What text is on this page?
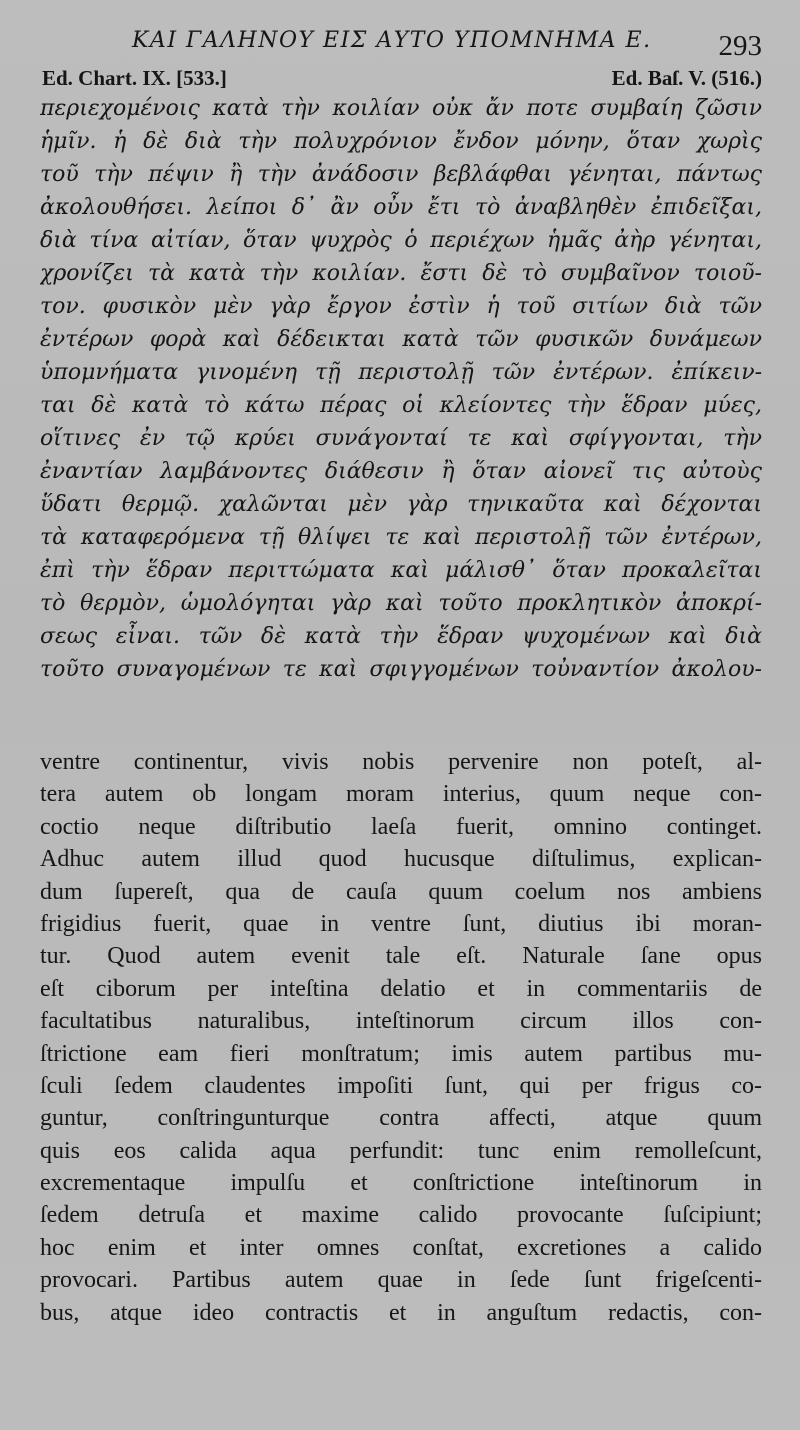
ΚΑΙ ΓΑΛΗΝΟΥ ΕΙΣ ΑΥΤΟ ΥΠΟΜΝΗΜΑ Ε. 293
Ed. Chart. IX. [533.]	Ed. Baſ. V. (516.)
περιεχομένοις κατὰ τὴν κοιλίαν οὐκ ἄν ποτε συμβαίη ζῶσιν
ἡμῖν. ἡ δὲ διὰ τὴν πολυχρόνιον ἔνδον μόνην, ὅταν χωρὶς
τοῦ τὴν πέψιν ἢ τὴν ἀνάδοσιν βεβλάφθαι γένηται, πάντως
ἀκολουθήσει. λείποι δ᾽ ἂν οὖν ἔτι τὸ ἀναβληθὲν ἐπιδεῖξαι,
διὰ τίνα αἰτίαν, ὅταν ψυχρὸς ὁ περιέχων ἡμᾶς ἀὴρ γένηται,
χρονίζει τὰ κατὰ τὴν κοιλίαν. ἔστι δὲ τὸ συμβαῖνον τοιοῦ-
τον. φυσικὸν μὲν γὰρ ἔργον ἐστὶν ἡ τοῦ σιτίων διὰ τῶν
ἐντέρων φορὰ καὶ δέδεικται κατὰ τῶν φυσικῶν δυνάμεων
ὑπομνήματα γινομένη τῇ περιστολῇ τῶν ἐντέρων. ἐπίκειν-
ται δὲ κατὰ τὸ κάτω πέρας οἱ κλείοντες τὴν ἕδραν μύες,
οἵτινες ἐν τῷ κρύει συνάγονταί τε καὶ σφίγγονται, τὴν
ἐναντίαν λαμβάνοντες διάθεσιν ἢ ὅταν αἰονεῖ τις αὐτοὺς
ὕδατι θερμῷ. χαλῶνται μὲν γὰρ τηνικαῦτα καὶ δέχονται
τὰ καταφερόμενα τῇ θλίψει τε καὶ περιστολῇ τῶν ἐντέρων,
ἐπὶ τὴν ἕδραν περιττώματα καὶ μάλισθ᾽ ὅταν προκαλεῖται
τὸ θερμὸν, ὡμολόγηται γὰρ καὶ τοῦτο προκλητικὸν ἀποκρί-
σεως εἶναι. τῶν δὲ κατὰ τὴν ἕδραν ψυχομένων καὶ διὰ
τοῦτο συναγομένων τε καὶ σφιγγομένων τοὐναντίον ἀκολου-
ventre continentur, vivis nobis pervenire non poteſt, al-
tera autem ob longam moram interius, quum neque con-
coctio neque diſtributio laeſa fuerit, omnino continget.
Adhuc autem illud quod hucusque diſtulimus, explican-
dum ſupereſt, qua de cauſa quum coelum nos ambiens
frigidius fuerit, quae in ventre ſunt, diutius ibi moran-
tur. Quod autem evenit tale eſt. Naturale ſane opus
eſt ciborum per inteſtina delatio et in commentariis de
facultatibus naturalibus, inteſtinorum circum illos con-
ſtrictione eam fieri monſtratum; imis autem partibus mu-
ſculi ſedem claudentes impoſiti ſunt, qui per frigus co-
guntur, conſtringunturque contra affecti, atque quum
quis eos calida aqua perfundit: tunc enim remolleſcunt,
excrementaque impulſu et conſtrictione inteſtinorum in
ſedem detruſa et maxime calido provocante ſuſcipiunt;
hoc enim et inter omnes conſtat, excretiones a calido
provocari. Partibus autem quae in ſede ſunt frigeſcenti-
bus, atque ideo contractis et in anguſtum redactis, con-
